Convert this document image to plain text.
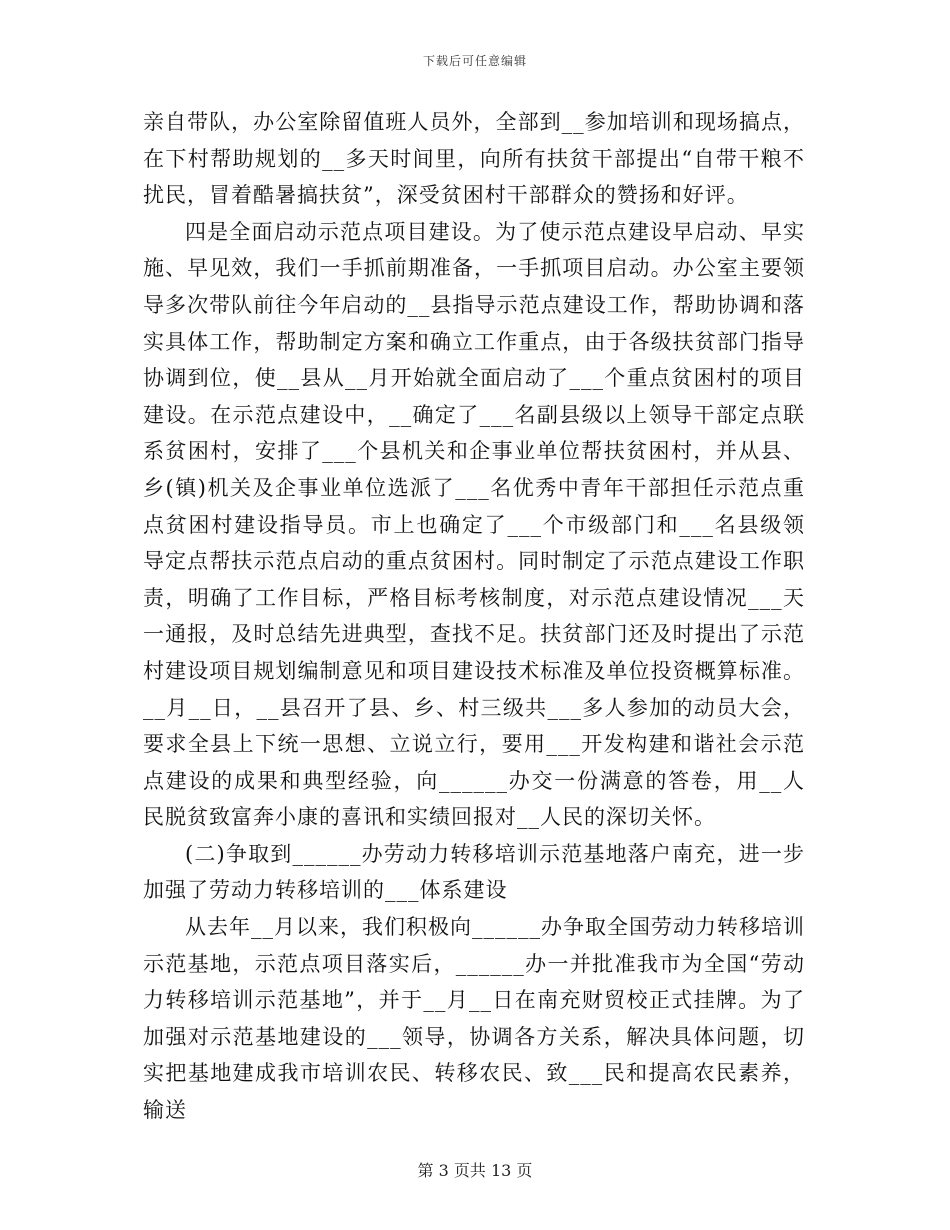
下载后可任意编辑

亲自带队，办公室除留值班人员外，全部到__参加培训和现场搞点，在下村帮助规划的__多天时间里，向所有扶贫干部提出“自带干粮不扰民，冒着酷暑搞扶贫”，深受贫困村干部群众的赞扬和好评。

四是全面启动示范点项目建设。为了使示范点建设早启动、早实施、早见效，我们一手抓前期准备，一手抓项目启动。办公室主要领导多次带队前往今年启动的__县指导示范点建设工作，帮助协调和落实具体工作，帮助制定方案和确立工作重点，由于各级扶贫部门指导协调到位，使__县从__月开始就全面启动了___个重点贫困村的项目建设。在示范点建设中，__确定了___名副县级以上领导干部定点联系贫困村，安排了___个县机关和企事业单位帮扶贫困村，并从县、乡(镇)机关及企事业单位选派了___名优秀中青年干部担任示范点重点贫困村建设指导员。市上也确定了___个市级部门和___名县级领导定点帮扶示范点启动的重点贫困村。同时制定了示范点建设工作职责，明确了工作目标，严格目标考核制度，对示范点建设情况___天一通报，及时总结先进典型，查找不足。扶贫部门还及时提出了示范村建设项目规划编制意见和项目建设技术标准及单位投资概算标准。__月__日，__县召开了县、乡、村三级共___多人参加的动员大会，要求全县上下统一思想、立说立行，要用___开发构建和谐社会示范点建设的成果和典型经验，向______办交一份满意的答卷，用__人民脱贫致富奔小康的喜讯和实绩回报对__人民的深切关怀。

(二)争取到______办劳动力转移培训示范基地落户南充，进一步加强了劳动力转移培训的___体系建设

从去年__月以来，我们积极向______办争取全国劳动力转移培训示范基地，示范点项目落实后，______办一并批准我市为全国“劳动力转移培训示范基地”，并于__月__日在南充财贸校正式挂牌。为了加强对示范基地建设的___领导，协调各方关系，解决具体问题，切实把基地建成我市培训农民、转移农民、致___民和提高农民素养，输送

第 3 页共 13 页
